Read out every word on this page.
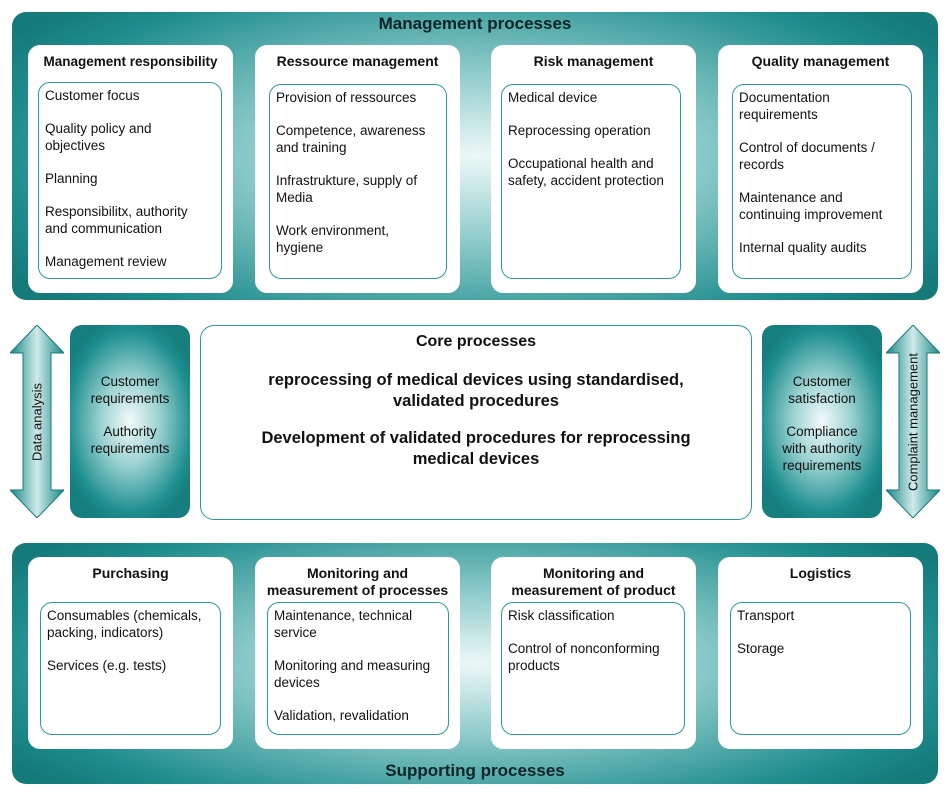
Management processes
Management responsibility
Customer focus
Quality policy and
objectives
Planning
Responsibilitx, authority
and communication
Management review
Ressource management
Provision of ressources
Competence, awareness
and training
Infrastrukture, supply of
Media
Work environment,
hygiene
Risk management
Medical device
Reprocessing operation
Occupational health and
safety, accident protection
Quality management
Documentation
requirements
Control of documents /
records
Maintenance and
continuing improvement
Internal quality audits
Data analysis
Customer
requirements
Authority
requirements
Core processes
reprocessing of medical devices using standardised,
validated procedures
Development of validated procedures for reprocessing
medical devices
Customer
satisfaction
Compliance
with authority
requirements	Complaint management
Supporting processes
Purchasing
Consumables (chemicals,
packing, indicators)
Services (e.g. tests)
Monitoring and
measurement of processes
Maintenance, technical
service
Monitoring and measuring
devices
Validation, revalidation
Monitoring and
measurement of product
Risk classification
Control of nonconforming
products
Logistics
Transport
Storage
